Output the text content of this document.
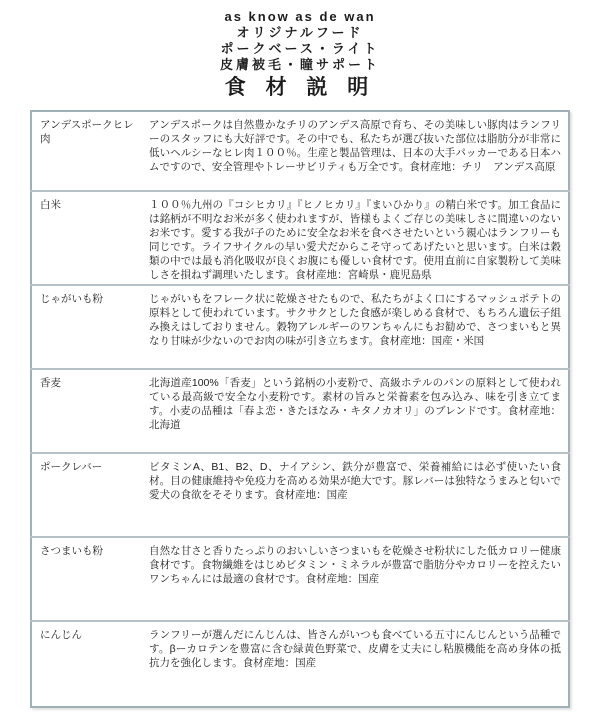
as know as de wan
オリジナルフード
ポークベース・ライト
皮膚被毛・瞳サポート
食 材 説 明
アンデスポークヒレ肉	アンデスポークは自然豊かなチリのアンデス高原で育ち、その美味しい豚肉はランフリーのスタッフにも大好評です。その中でも、私たちが選び抜いた部位は脂肪分が非常に低いヘルシーなヒレ肉１００％。生産と製品管理は、日本の大手パッカーである日本ハムですので、安全管理やトレーサビリティも万全です。食材産地：チリ　アンデス高原
白米	１００％九州の『コシヒカリ』『ヒノヒカリ』『まいひかり』の精白米です。加工食品には銘柄が不明なお米が多く使われますが、皆様もよくご存じの美味しさに間違いのないお米です。愛する我が子のために安全なお米を食べさせたいという親心はランフリーも同じです。ライフサイクルの早い愛犬だからこそ守ってあげたいと思います。白米は穀類の中では最も消化吸収が良くお腹にも優しい食材です。使用直前に自家製粉して美味しさを損ねず調理いたします。食材産地：宮崎県・鹿児島県
じゃがいも粉	じゃがいもをフレーク状に乾燥させたもので、私たちがよく口にするマッシュポテトの原料として使われています。サクサクとした食感が楽しめる食材で、もちろん遺伝子組み換えはしておりません。穀物アレルギーのワンちゃんにもお勧めで、さつまいもと異なり甘味が少ないのでお肉の味が引き立ちます。食材産地：国産・米国
香麦	北海道産100%「香麦」という銘柄の小麦粉で、高級ホテルのパンの原料として使われている最高級で安全な小麦粉です。素材の旨みと栄養素を包み込み、味を引き立てます。小麦の品種は「春よ恋・きたほなみ・キタノカオリ」のブレンドです。食材産地：北海道
ポークレバー	ビタミンA、B1、B2、D、ナイアシン、鉄分が豊富で、栄養補給には必ず使いたい食材。目の健康維持や免疫力を高める効果が絶大です。豚レバーは独特なうまみと匂いで愛犬の食欲をそそります。食材産地：国産
さつまいも粉	自然な甘さと香りたっぷりのおいしいさつまいもを乾燥させ粉状にした低カロリー健康食材です。食物繊維をはじめビタミン・ミネラルが豊富で脂肪分やカロリーを控えたいワンちゃんには最適の食材です。食材産地：国産
にんじん	ランフリーが選んだにんじんは、皆さんがいつも食べている五寸にんじんという品種です。βーカロテンを豊富に含む緑黄色野菜で、皮膚を丈夫にし粘膜機能を高め身体の抵抗力を強化します。食材産地：国産
